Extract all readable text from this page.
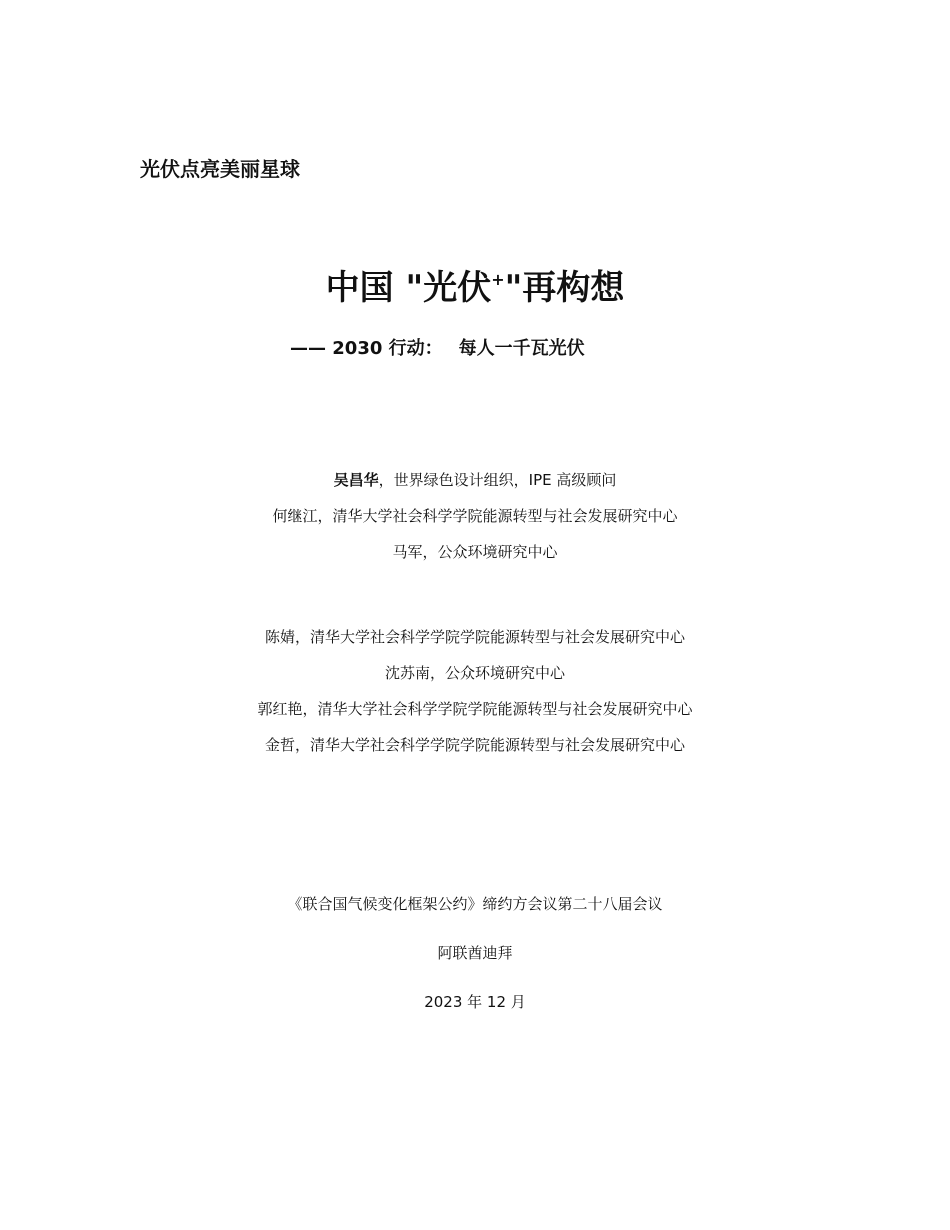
光伏点亮美丽星球
中国 "光伏+"再构想
—— 2030 行动： 每人一千瓦光伏
吴昌华，世界绿色设计组织，IPE 高级顾问
何继江，清华大学社会科学学院能源转型与社会发展研究中心
马军，公众环境研究中心
陈婧，清华大学社会科学学院学院能源转型与社会发展研究中心
沈苏南，公众环境研究中心
郭红艳，清华大学社会科学学院学院能源转型与社会发展研究中心
金哲，清华大学社会科学学院学院能源转型与社会发展研究中心
《联合国气候变化框架公约》缔约方会议第二十八届会议
阿联酋迪拜
2023 年 12 月
